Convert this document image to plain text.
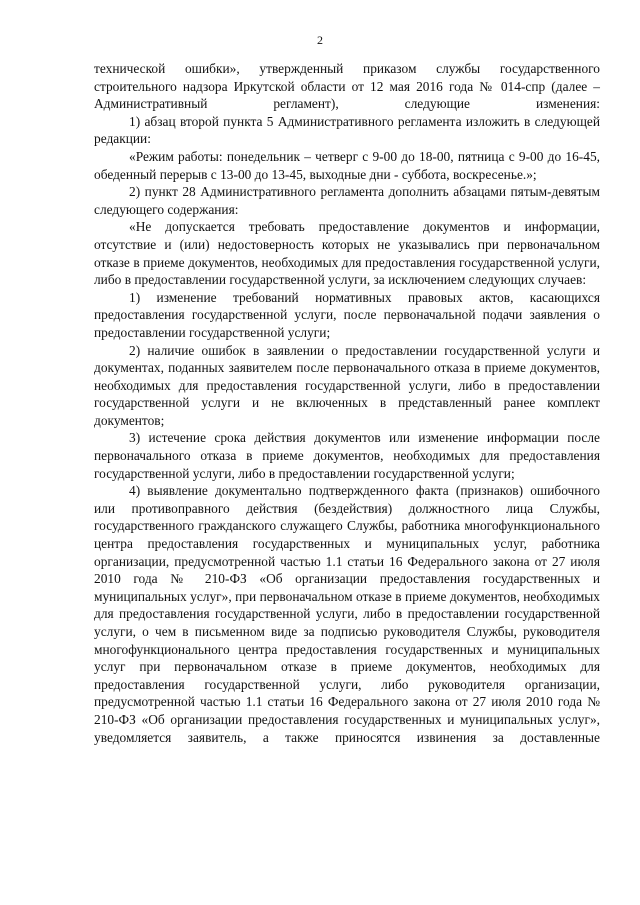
2

технической ошибки», утвержденный приказом службы государственного строительного надзора Иркутской области от 12 мая 2016 года № 014-спр (далее – Административный регламент), следующие изменения:

1) абзац второй пункта 5 Административного регламента изложить в следующей редакции:

«Режим работы: понедельник – четверг с 9-00 до 18-00, пятница с 9-00 до 16-45, обеденный перерыв с 13-00 до 13-45, выходные дни - суббота, воскресенье.»;

2) пункт 28 Административного регламента дополнить абзацами пятым-девятым следующего содержания:

«Не допускается требовать предоставление документов и информации, отсутствие и (или) недостоверность которых не указывались при первоначальном отказе в приеме документов, необходимых для предоставления государственной услуги, либо в предоставлении государственной услуги, за исключением следующих случаев:

1) изменение требований нормативных правовых актов, касающихся предоставления государственной услуги, после первоначальной подачи заявления о предоставлении государственной услуги;

2) наличие ошибок в заявлении о предоставлении государственной услуги и документах, поданных заявителем после первоначального отказа в приеме документов, необходимых для предоставления государственной услуги, либо в предоставлении государственной услуги и не включенных в представленный ранее комплект документов;

3) истечение срока действия документов или изменение информации после первоначального отказа в приеме документов, необходимых для предоставления государственной услуги, либо в предоставлении государственной услуги;

4) выявление документально подтвержденного факта (признаков) ошибочного или противоправного действия (бездействия) должностного лица Службы, государственного гражданского служащего Службы, работника многофункционального центра предоставления государственных и муниципальных услуг, работника организации, предусмотренной частью 1.1 статьи 16 Федерального закона от 27 июля 2010 года № 210-ФЗ «Об организации предоставления государственных и муниципальных услуг», при первоначальном отказе в приеме документов, необходимых для предоставления государственной услуги, либо в предоставлении государственной услуги, о чем в письменном виде за подписью руководителя Службы, руководителя многофункционального центра предоставления государственных и муниципальных услуг при первоначальном отказе в приеме документов, необходимых для предоставления государственной услуги, либо руководителя организации, предусмотренной частью 1.1 статьи 16 Федерального закона от 27 июля 2010 года № 210-ФЗ «Об организации предоставления государственных и муниципальных услуг», уведомляется заявитель, а также приносятся извинения за доставленные
